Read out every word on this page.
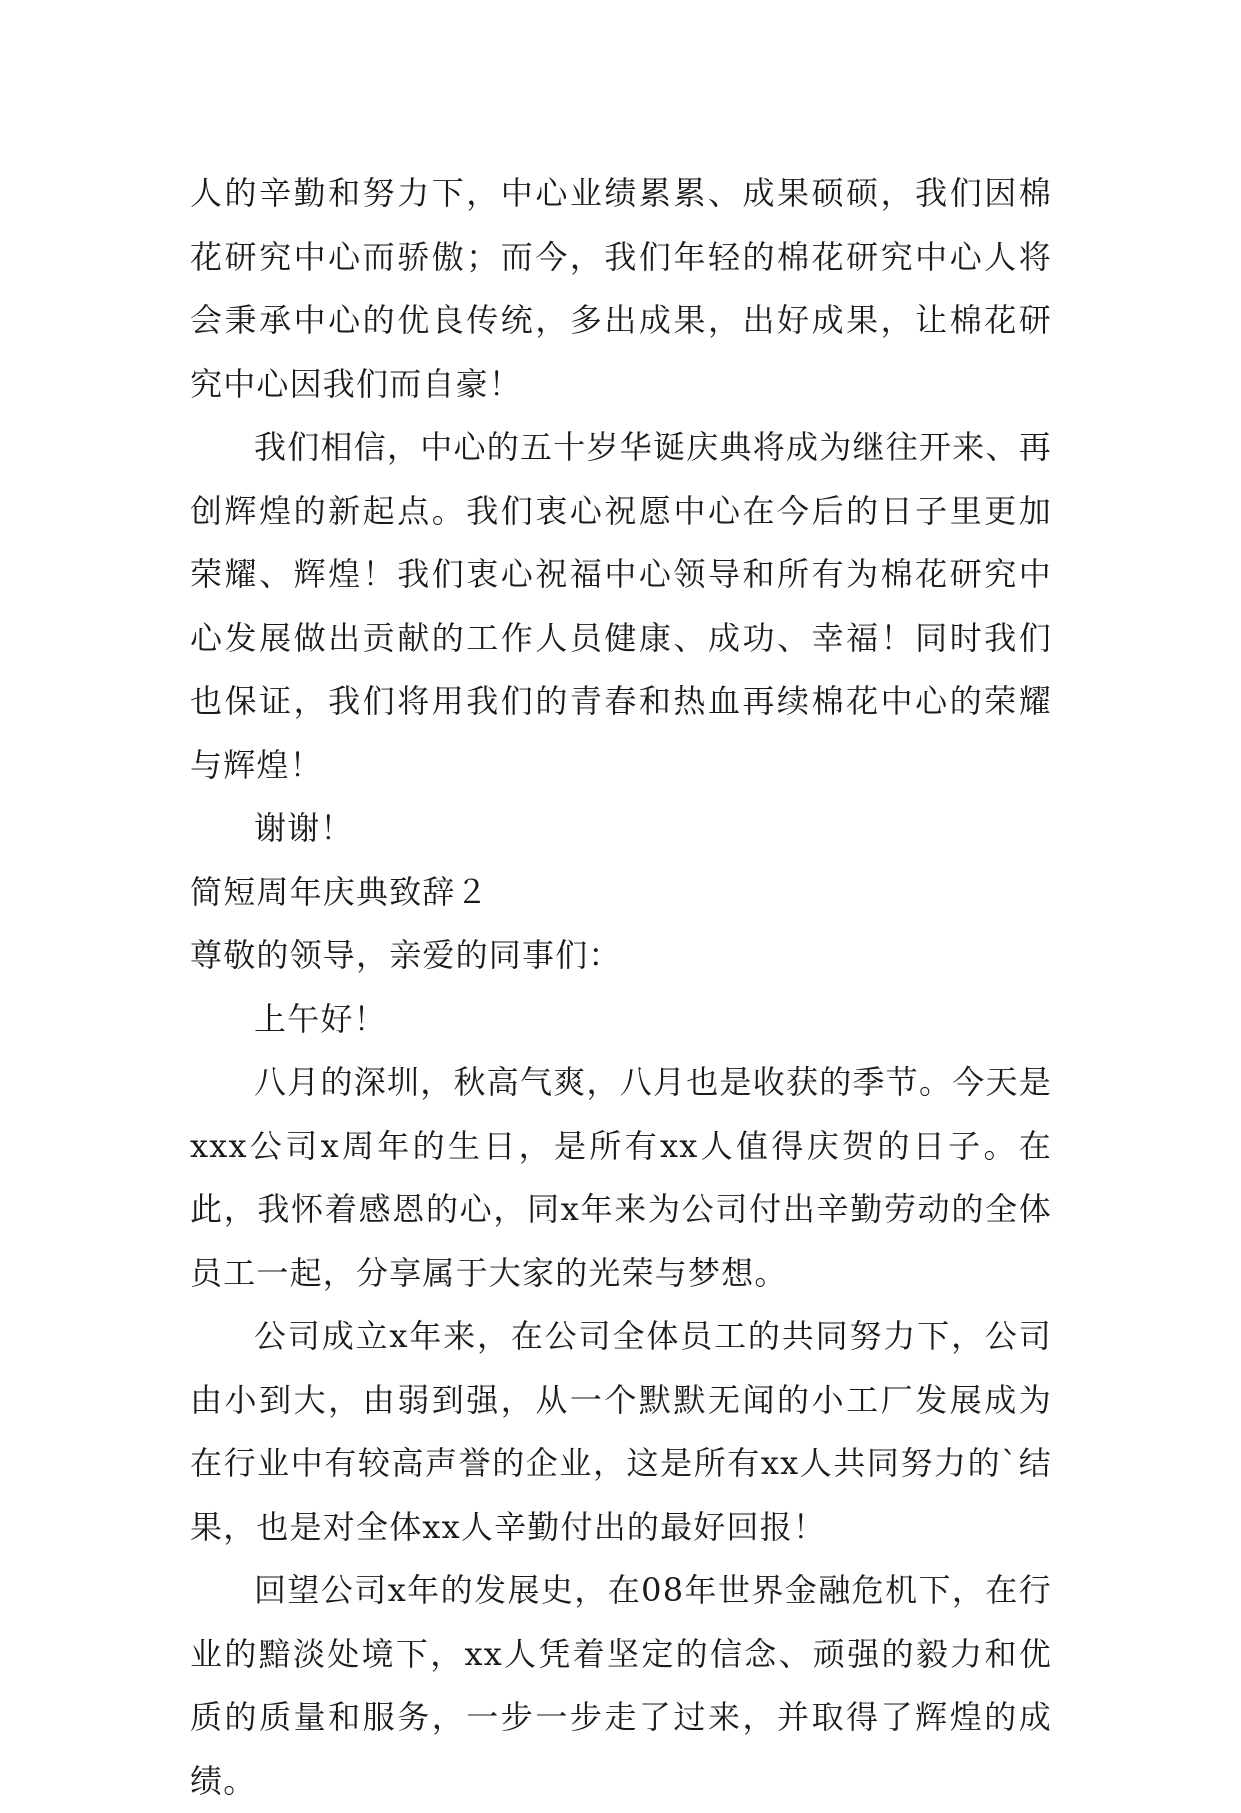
人的辛勤和努力下，中心业绩累累、成果硕硕，我们因棉花研究中心而骄傲；而今，我们年轻的棉花研究中心人将会秉承中心的优良传统，多出成果，出好成果，让棉花研究中心因我们而自豪！

我们相信，中心的五十岁华诞庆典将成为继往开来、再创辉煌的新起点。我们衷心祝愿中心在今后的日子里更加荣耀、辉煌！我们衷心祝福中心领导和所有为棉花研究中心发展做出贡献的工作人员健康、成功、幸福！同时我们也保证，我们将用我们的青春和热血再续棉花中心的荣耀与辉煌！

谢谢！

简短周年庆典致辞２

尊敬的领导，亲爱的同事们：

上午好！

八月的深圳，秋高气爽，八月也是收获的季节。今天是xxx公司x周年的生日，是所有xx人值得庆贺的日子。在此，我怀着感恩的心，同x年来为公司付出辛勤劳动的全体员工一起，分享属于大家的光荣与梦想。

公司成立x年来，在公司全体员工的共同努力下，公司由小到大，由弱到强，从一个默默无闻的小工厂发展成为在行业中有较高声誉的企业，这是所有xx人共同努力的`结果，也是对全体xx人辛勤付出的最好回报！

回望公司x年的发展史，在08年世界金融危机下，在行业的黯淡处境下，xx人凭着坚定的信念、顽强的毅力和优质的质量和服务，一步一步走了过来，并取得了辉煌的成绩。
